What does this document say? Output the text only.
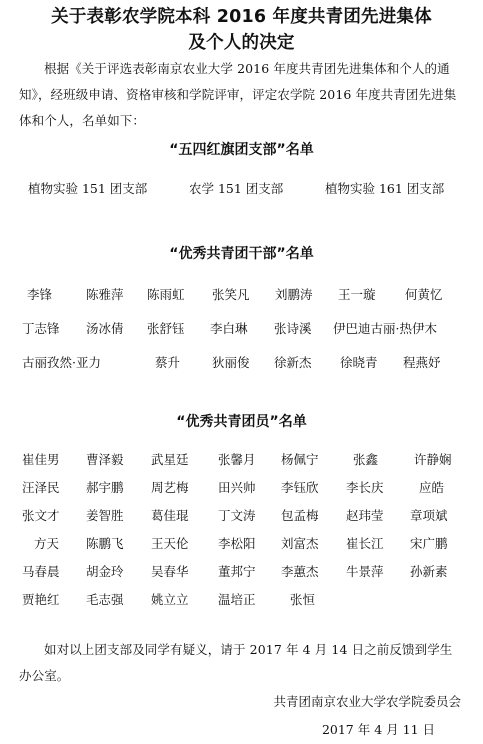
关于表彰农学院本科 2016 年度共青团先进集体
及个人的决定
根据《关于评选表彰南京农业大学 2016 年度共青团先进集体和个人的通知》，经班级申请、资格审核和学院评审，评定农学院 2016 年度共青团先进集体和个人，名单如下：
“五四红旗团支部”名单
“优秀共青团干部”名单
“优秀共青团员”名单
植物实验 151 团支部	农学 151 团支部	植物实验 161 团支部
李锋	陈雅萍 陈雨虹 张笑凡 刘鹏涛 王一璇 何黄忆
丁志锋 汤冰倩 张舒钰 李白琳 张诗溪 伊巴迪古丽·热伊木
古丽孜然·亚力	蔡升	狄丽俊 徐新杰 徐晓青 程燕妤
崔佳男 曹泽毅 武星廷 张馨月 杨佩宁	张鑫	许静娴
汪泽民 郝宇鹏 周艺梅 田兴帅 李钰欣 李长庆	应皓
张文才 姜智胜 葛佳琨 丁文涛 包孟梅 赵玮莹 章项斌
方天 陈鹏飞 王天伦 李松阳 刘富杰 崔长江 宋广鹏
马春晨 胡金玲 吴春华 董邦宁 李蕙杰 牛景萍 孙新素
贾艳红 毛志强 姚立立 温培正	张恒
如对以上团支部及同学有疑义，请于 2017 年 4 月 14 日之前反馈到学生办公室。
共青团南京农业大学农学院委员会
2017 年 4 月 11 日
